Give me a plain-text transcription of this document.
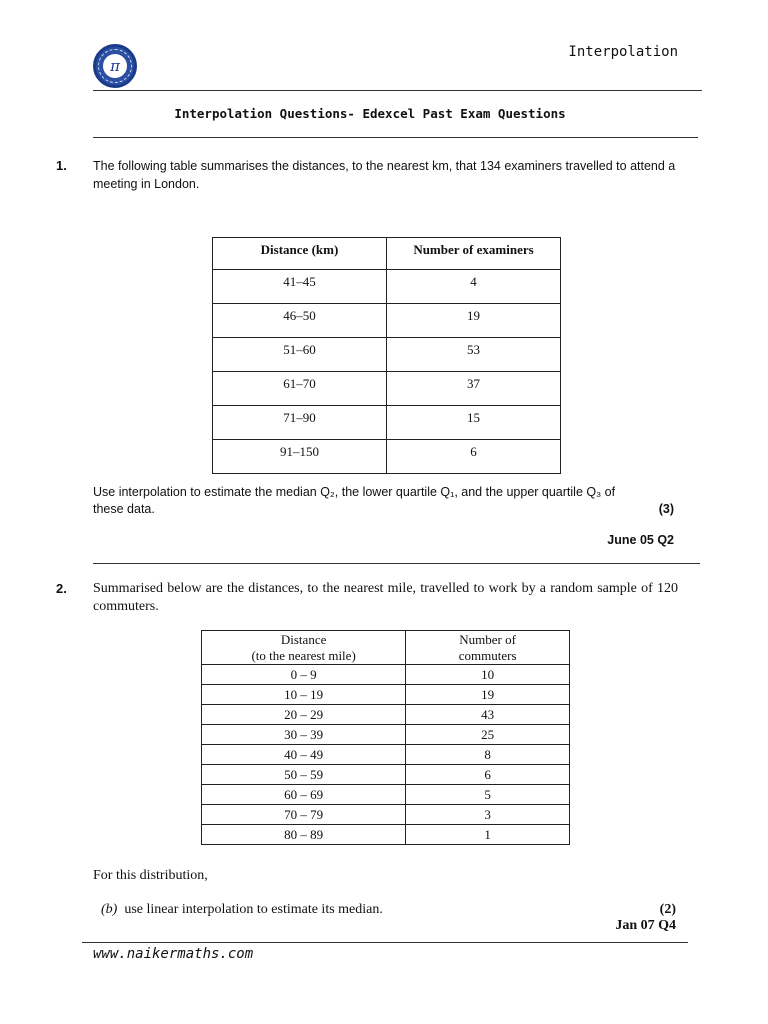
π
Interpolation
Interpolation Questions- Edexcel Past Exam Questions
1. The following table summarises the distances, to the nearest km, that 134 examiners travelled to attend a meeting in London.
Distance (km)	Number of examiners
41–45	4
46–50	19
51–60	53
61–70	37
71–90	15
91–150	6
Use interpolation to estimate the median Q₂, the lower quartile Q₁, and the upper quartile Q₃ of
these data.	(3)
June 05 Q2
2. Summarised below are the distances, to the nearest mile, travelled to work by a random sample of 120 commuters.
Distance
(to the nearest mile)	Number of
commuters
0 – 9	10
10 – 19	19
20 – 29	43
30 – 39	25
40 – 49	8
50 – 59	6
60 – 69	5
70 – 79	3
80 – 89	1
For this distribution,
(b) use linear interpolation to estimate its median.	(2)
Jan 07 Q4
www.naikermaths.com
